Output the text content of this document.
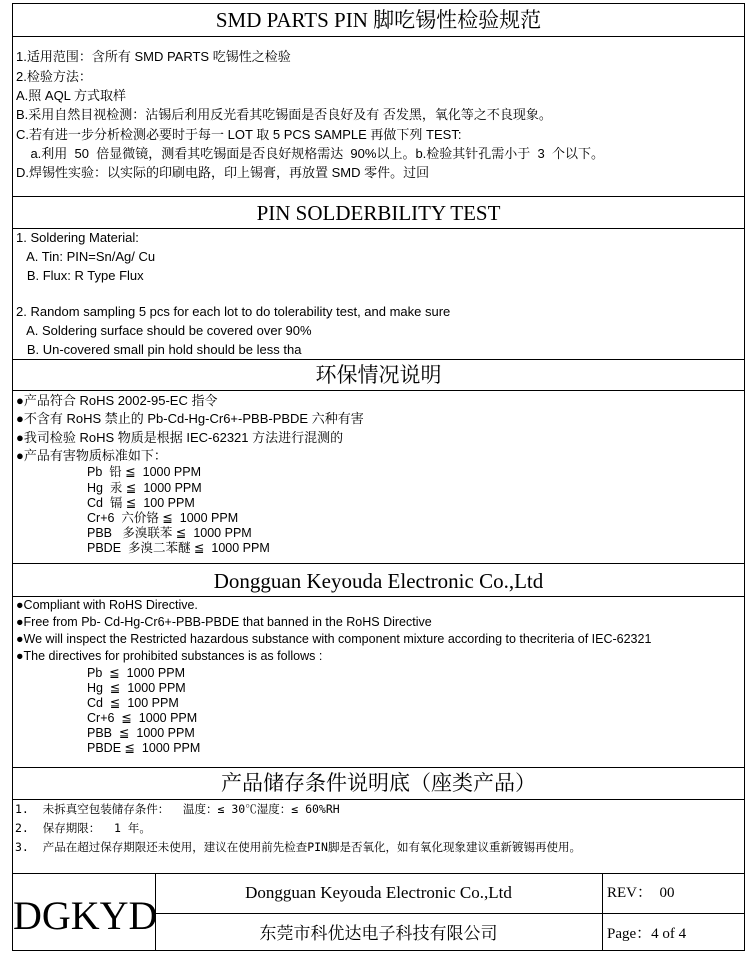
SMD PARTS PIN 脚吃锡性检验规范
1.适用范围：含所有 SMD PARTS 吃锡性之检验
2.检验方法：
A.照 AQL 方式取样
B.采用自然目视检测：沾锡后利用反光看其吃锡面是否良好及有 否发黑，氧化等之不良现象。
C.若有进一步分析检测必要时于每一 LOT 取 5 PCS SAMPLE 再做下列 TEST:
a.利用  50  倍显微镜，测看其吃锡面是否良好规格需达  90%以上。b.检验其针孔需小于  3  个以下。
D.焊锡性实验：以实际的印刷电路，印上锡膏，再放置 SMD 零件。过回
PIN SOLDERBILITY TEST
1. Soldering Material:
A. Tin: PIN=Sn/Ag/ Cu
B. Flux: R Type Flux
2. Random sampling 5 pcs for each lot to do tolerability test, and make sure
A. Soldering surface should be covered over 90%
B. Un-covered small pin hold should be less tha
环保情况说明
●产品符合 RoHS 2002-95-EC 指令
●不含有 RoHS 禁止的 Pb-Cd-Hg-Cr6+-PBB-PBDE 六种有害
●我司检验 RoHS 物质是根据 IEC-62321 方法进行混测的
●产品有害物质标准如下：
Pb  铅 ≦  1000 PPM
Hg  汞 ≦  1000 PPM
Cd  镉 ≦  100 PPM
Cr+6  六价铬 ≦  1000 PPM
PBB   多溴联苯 ≦  1000 PPM
PBDE  多溴二苯醚 ≦  1000 PPM
Dongguan Keyouda Electronic Co.,Ltd
●Compliant with RoHS Directive.
●Free from Pb- Cd-Hg-Cr6+-PBB-PBDE that banned in the RoHS Directive
●We will inspect the Restricted hazardous substance with component mixture according to thecriteria of IEC-62321
●The directives for prohibited substances is as follows :
Pb  ≦  1000 PPM
Hg  ≦  1000 PPM
Cd  ≦  100 PPM
Cr+6  ≦  1000 PPM
PBB  ≦  1000 PPM
PBDE ≦  1000 PPM
产品储存条件说明底（座类产品）
1.  未拆真空包装储存条件：  温度：≤ 30℃湿度：≤ 60%RH
2.  保存期限：  1 年。
3.  产品在超过保存期限还未使用，建议在使用前先检查PIN脚是否氧化，如有氧化现象建议重新镀锡再使用。
DGKYD
Dongguan Keyouda Electronic Co.,Ltd
东莞市科优达电子科技有限公司
REV：  00
Page：4 of 4
